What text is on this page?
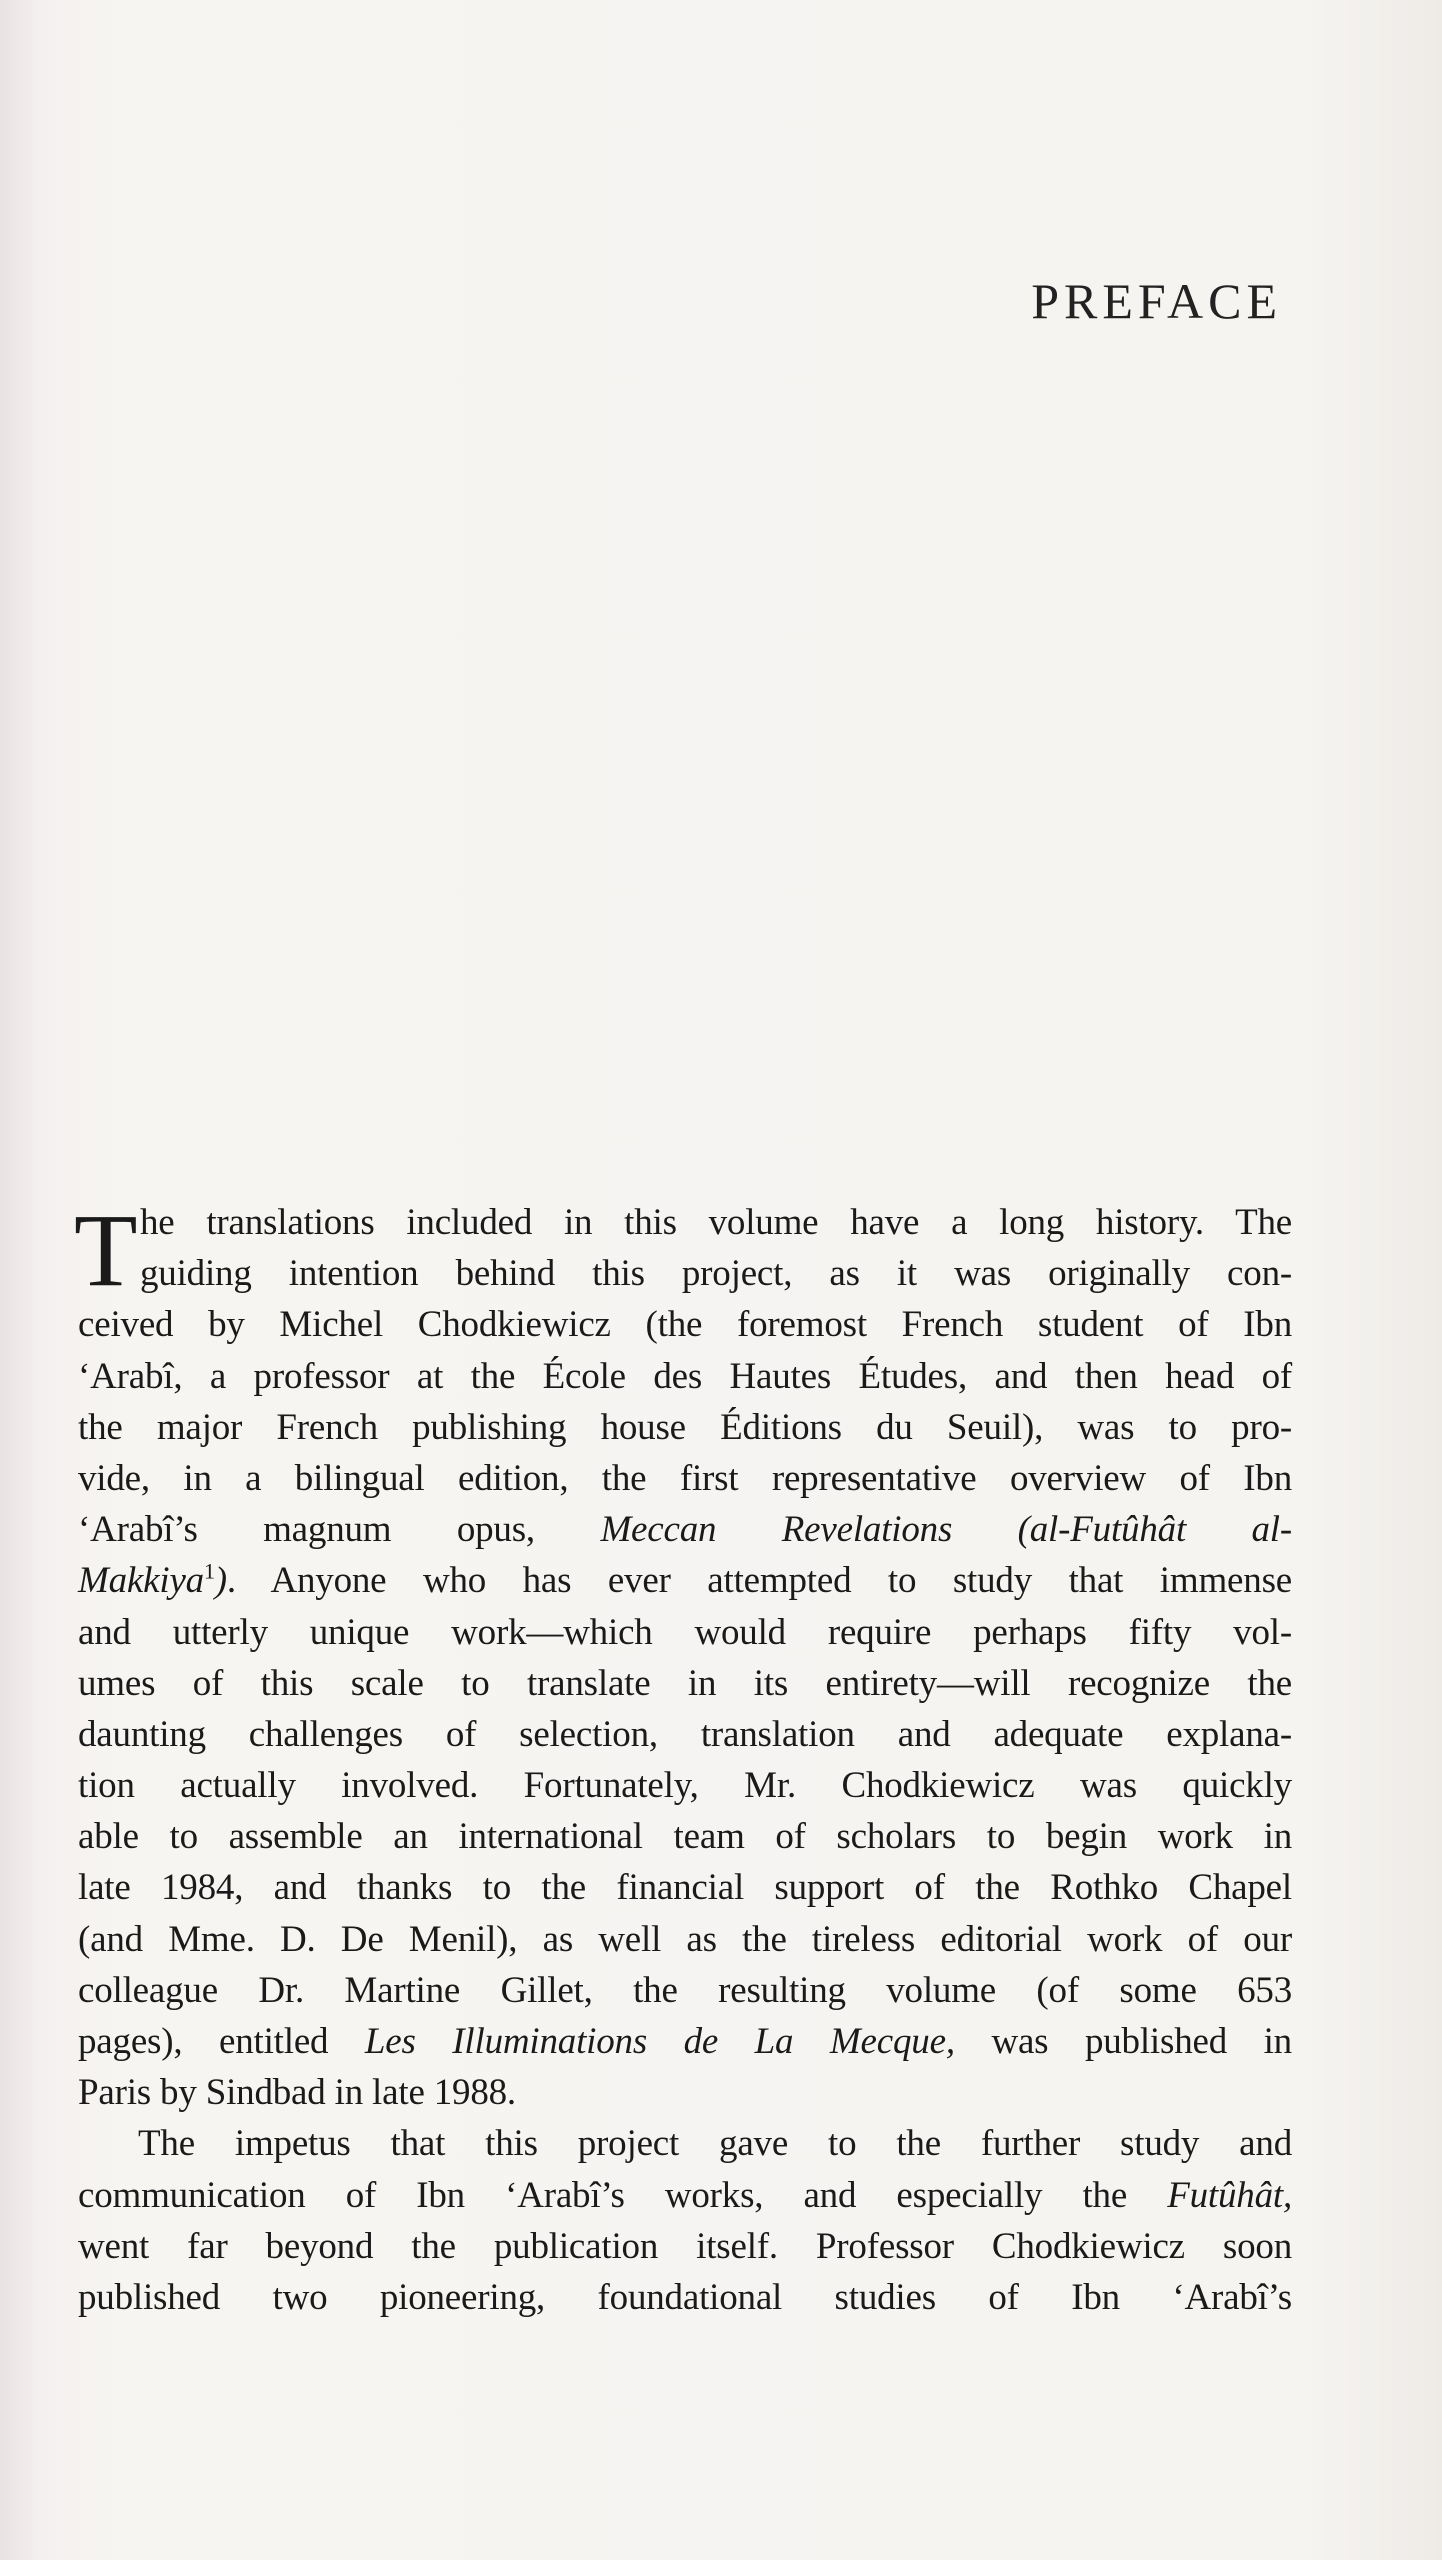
PREFACE
T he translations included in this volume have a long history. The
guiding intention behind this project, as it was originally con-
ceived by Michel Chodkiewicz (the foremost French student of Ibn
‘Arabî, a professor at the École des Hautes Études, and then head of
the major French publishing house Éditions du Seuil), was to pro-
vide, in a bilingual edition, the first representative overview of Ibn
‘Arabî’s magnum opus, Meccan Revelations (al-Futûhât al-
Makkiya$^1$). Anyone who has ever attempted to study that immense
and utterly unique work—which would require perhaps fifty vol-
umes of this scale to translate in its entirety—will recognize the
daunting challenges of selection, translation and adequate explana-
tion actually involved. Fortunately, Mr. Chodkiewicz was quickly
able to assemble an international team of scholars to begin work in
late 1984, and thanks to the financial support of the Rothko Chapel
(and Mme. D. De Menil), as well as the tireless editorial work of our
colleague Dr. Martine Gillet, the resulting volume (of some 653
pages), entitled Les Illuminations de La Mecque, was published in
Paris by Sindbad in late 1988.
The impetus that this project gave to the further study and
communication of Ibn ‘Arabî’s works, and especially the Futûhât,
went far beyond the publication itself. Professor Chodkiewicz soon
published two pioneering, foundational studies of Ibn ‘Arabî’s
